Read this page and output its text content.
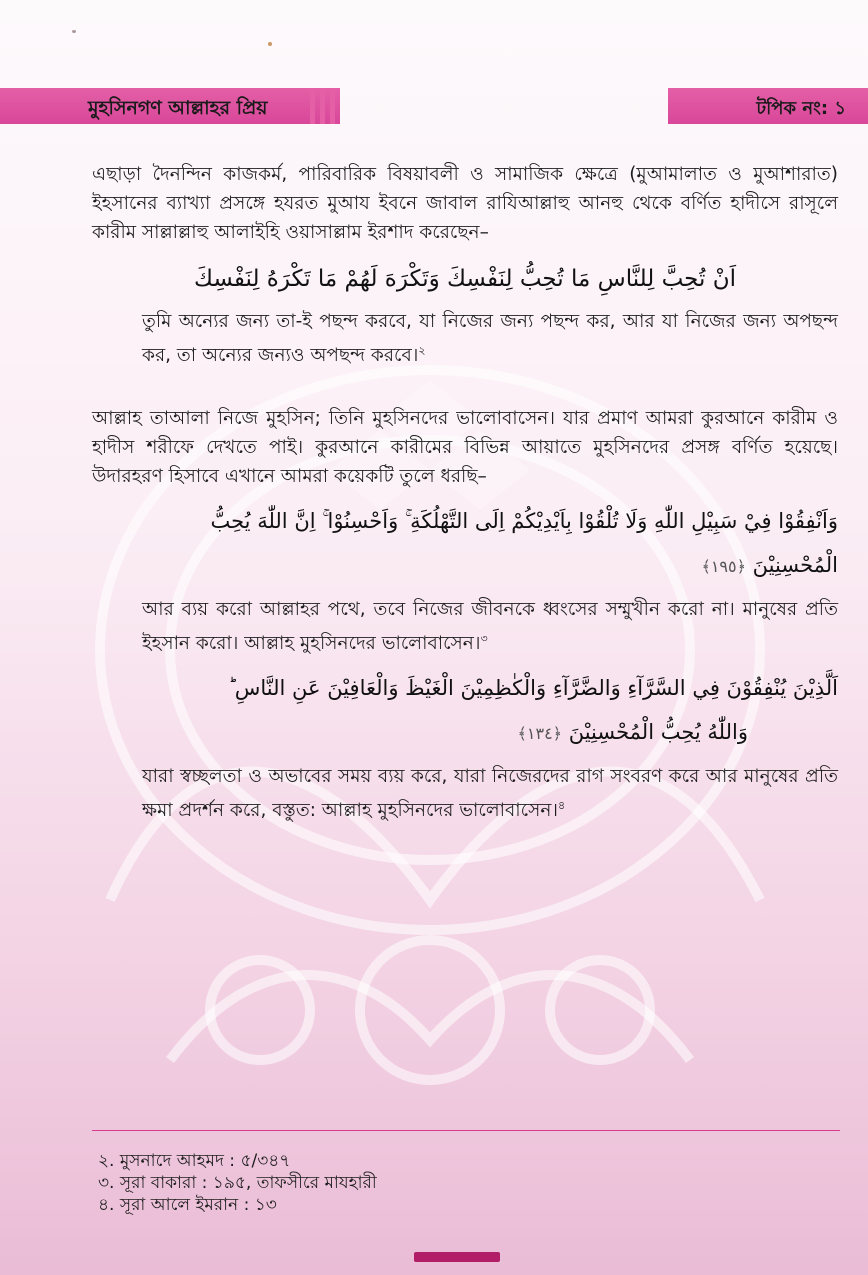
মুহসিনগণ আল্লাহর প্রিয়	টপিক নং: ১

এছাড়া দৈনন্দিন কাজকর্ম, পারিবারিক বিষয়াবলী ও সামাজিক ক্ষেত্রে (মুআমালাত ও মুআশারাত) ইহসানের ব্যাখ্যা প্রসঙ্গে হযরত মুআয ইবনে জাবাল রাযিআল্লাহু আনহু থেকে বর্ণিত হাদীসে রাসূলে কারীম সাল্লাল্লাহু আলাইহি ওয়াসাল্লাম ইরশাদ করেছেন–

اَنْ تُحِبَّ لِلنَّاسِ مَا تُحِبُّ لِنَفْسِكَ وَتَكْرَهَ لَهُمْ مَا تَكْرَهُ لِنَفْسِكَ

তুমি অন্যের জন্য তা-ই পছন্দ করবে, যা নিজের জন্য পছন্দ কর, আর যা নিজের জন্য অপছন্দ কর, তা অন্যের জন্যও অপছন্দ করবে।$^২$

আল্লাহ তাআলা নিজে মুহসিন; তিনি মুহসিনদের ভালোবাসেন। যার প্রমাণ আমরা কুরআনে কারীম ও হাদীস শরীফে দেখতে পাই। কুরআনে কারীমের বিভিন্ন আয়াতে মুহসিনদের প্রসঙ্গ বর্ণিত হয়েছে। উদারহরণ হিসাবে এখানে আমরা কয়েকটি তুলে ধরছি–

وَاَنْفِقُوْا فِيْ سَبِيْلِ اللّٰهِ وَلَا تُلْقُوْا بِاَيْدِيْكُمْ اِلَى التَّهْلُكَةِ ۚ وَاَحْسِنُوْا ۚ اِنَّ اللّٰهَ يُحِبُّ

الْمُحْسِنِيْنَ ﴿١٩٥﴾

আর ব্যয় করো আল্লাহর পথে, তবে নিজের জীবনকে ধ্বংসের সম্মুখীন করো না। মানুষের প্রতি ইহসান করো। আল্লাহ মুহসিনদের ভালোবাসেন।$^৩$

اَلَّذِيْنَ يُنْفِقُوْنَ فِي السَّرَّآءِ وَالضَّرَّآءِ وَالْكٰظِمِيْنَ الْغَيْظَ وَالْعَافِيْنَ عَنِ النَّاسِ ؕ

وَاللّٰهُ يُحِبُّ الْمُحْسِنِيْنَ ﴿١٣٤﴾

যারা স্বচ্ছলতা ও অভাবের সময় ব্যয় করে, যারা নিজেরদের রাগ সংবরণ করে আর মানুষের প্রতি ক্ষমা প্রদর্শন করে, বস্তুত: আল্লাহ মুহসিনদের ভালোবাসেন।$^৪$

২. মুসনাদে আহমদ : ৫/৩৪৭
৩. সূরা বাকারা : ১৯৫, তাফসীরে মাযহারী
৪. সূরা আলে ইমরান : ১৩
